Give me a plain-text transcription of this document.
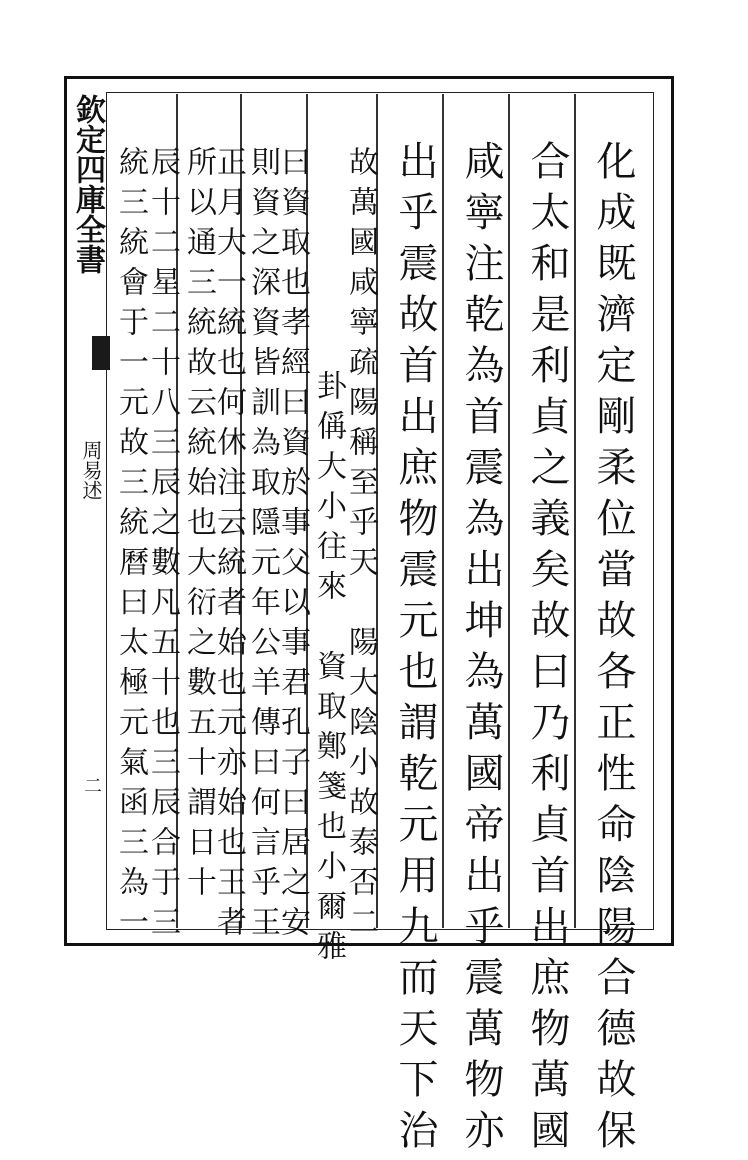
欽定四庫全書
周易述
二	化成既濟定剛柔位當故各正性命陰陽合德故保
合太和是利貞之義矣故曰乃利貞首出庶物萬國
咸寧注乾為首震為出坤為萬國帝出乎震萬物亦
出乎震故首出庶物震元也謂乾元用九而天下治
故萬國咸寧疏陽稱至乎天　陽大陰小故泰否二
卦偁大小往來　資取鄭箋也小爾雅
曰資取也孝經曰資於事父以事君孔子曰居之安
則資之深資皆訓為取隱元年公羊傳曰何言乎王
正月大一統也何休注云統者始也元亦始也王者
所以通三統故云統始也大衍之數五十謂日十
辰十二星二十八三辰之數凡五十也三辰合于三
統三統會于一元故三統曆曰太極元氣函三為一
